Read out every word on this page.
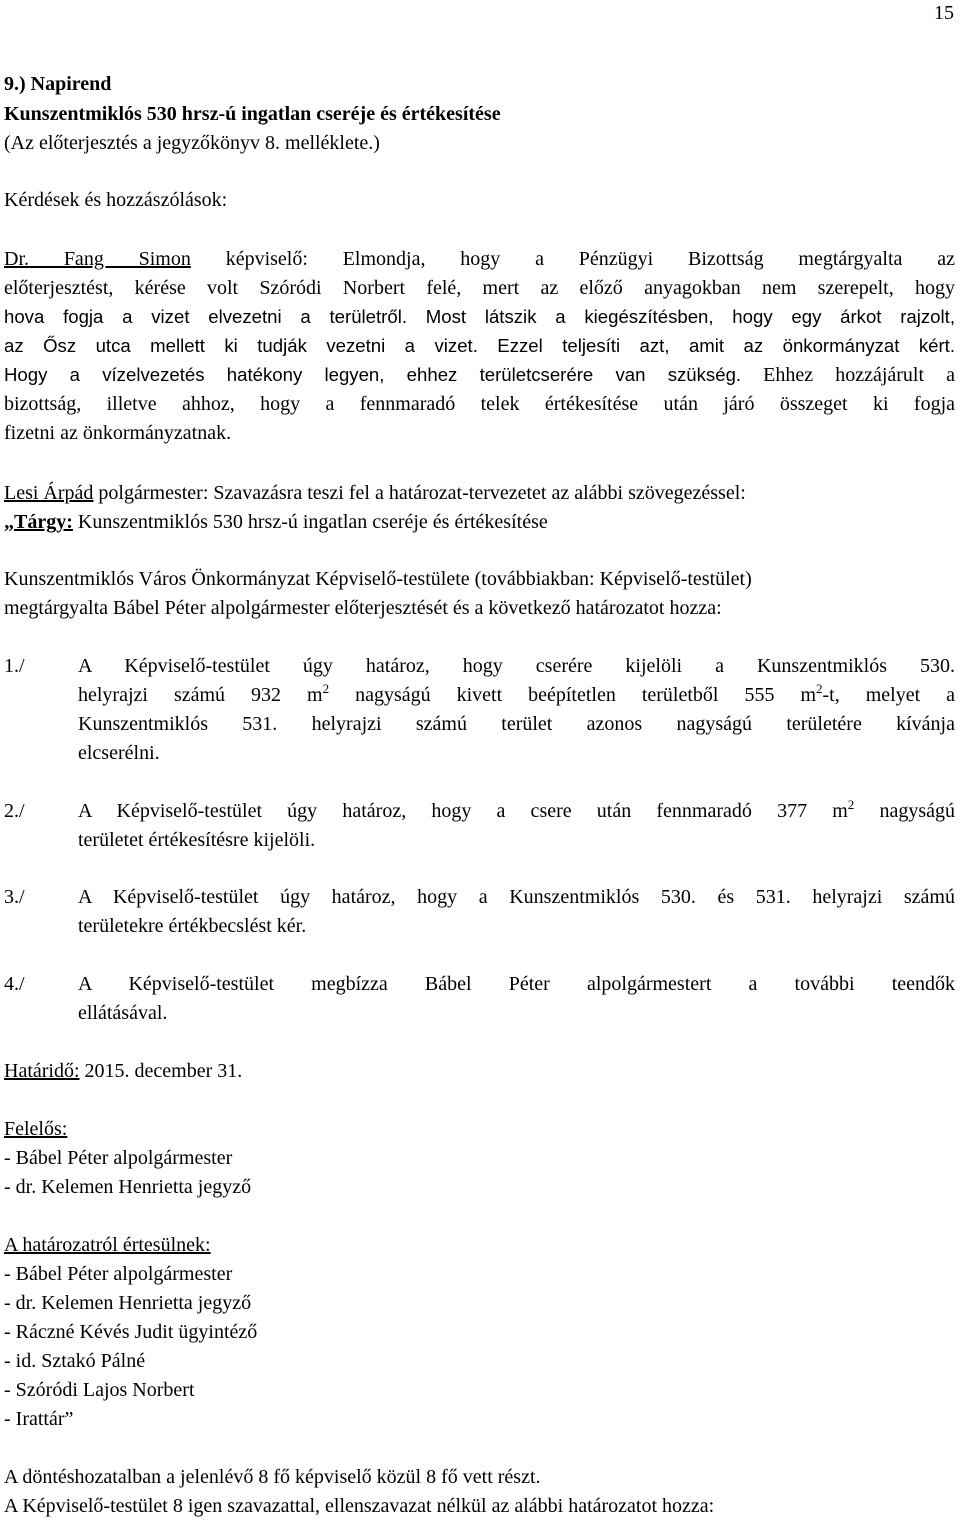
15
9.) Napirend
Kunszentmiklós 530 hrsz-ú ingatlan cseréje és értékesítése
(Az előterjesztés a jegyzőkönyv 8. melléklete.)
Kérdések és hozzászólások:
Dr. Fang Simon képviselő: Elmondja, hogy a Pénzügyi Bizottság megtárgyalta az
előterjesztést, kérése volt Szóródi Norbert felé, mert az előző anyagokban nem szerepelt, hogy
hova fogja a vizet elvezetni a területről. Most látszik a kiegészítésben, hogy egy árkot rajzolt,
az Ősz utca mellett ki tudják vezetni a vizet. Ezzel teljesíti azt, amit az önkormányzat kért.
Hogy a vízelvezetés hatékony legyen, ehhez területcserére van szükség. Ehhez hozzájárult a
bizottság, illetve ahhoz, hogy a fennmaradó telek értékesítése után járó összeget ki fogja
fizetni az önkormányzatnak.
Lesi Árpád polgármester: Szavazásra teszi fel a határozat-tervezetet az alábbi szövegezéssel:
„Tárgy: Kunszentmiklós 530 hrsz-ú ingatlan cseréje és értékesítése
Kunszentmiklós Város Önkormányzat Képviselő-testülete (továbbiakban: Képviselő-testület)
megtárgyalta Bábel Péter alpolgármester előterjesztését és a következő határozatot hozza:
1./	A Képviselő-testület úgy határoz, hogy cserére kijelöli a Kunszentmiklós 530.
helyrajzi számú 932 $m^2$ nagyságú kivett beépítetlen területből 555 $m^2-t$, melyet a
Kunszentmiklós 531. helyrajzi számú terület azonos nagyságú területére kívánja
elcserélni.
2./	A Képviselő-testület úgy határoz, hogy a csere után fennmaradó 377 $m^2$ nagyságú
területet értékesítésre kijelöli.
3./	A Képviselő-testület úgy határoz, hogy a Kunszentmiklós 530. és 531. helyrajzi számú
területekre értékbecslést kér.
4./	A Képviselő-testület megbízza Bábel Péter alpolgármestert a további teendők
ellátásával.
Határidő: 2015. december 31.
Felelős:
- Bábel Péter alpolgármester
- dr. Kelemen Henrietta jegyző
A határozatról értesülnek:
- Bábel Péter alpolgármester
- dr. Kelemen Henrietta jegyző
- Ráczné Kévés Judit ügyintéző
- id. Sztakó Pálné
- Szóródi Lajos Norbert
- Irattár”
A döntéshozatalban a jelenlévő 8 fő képviselő közül 8 fő vett részt.
A Képviselő-testület 8 igen szavazattal, ellenszavazat nélkül az alábbi határozatot hozza:
